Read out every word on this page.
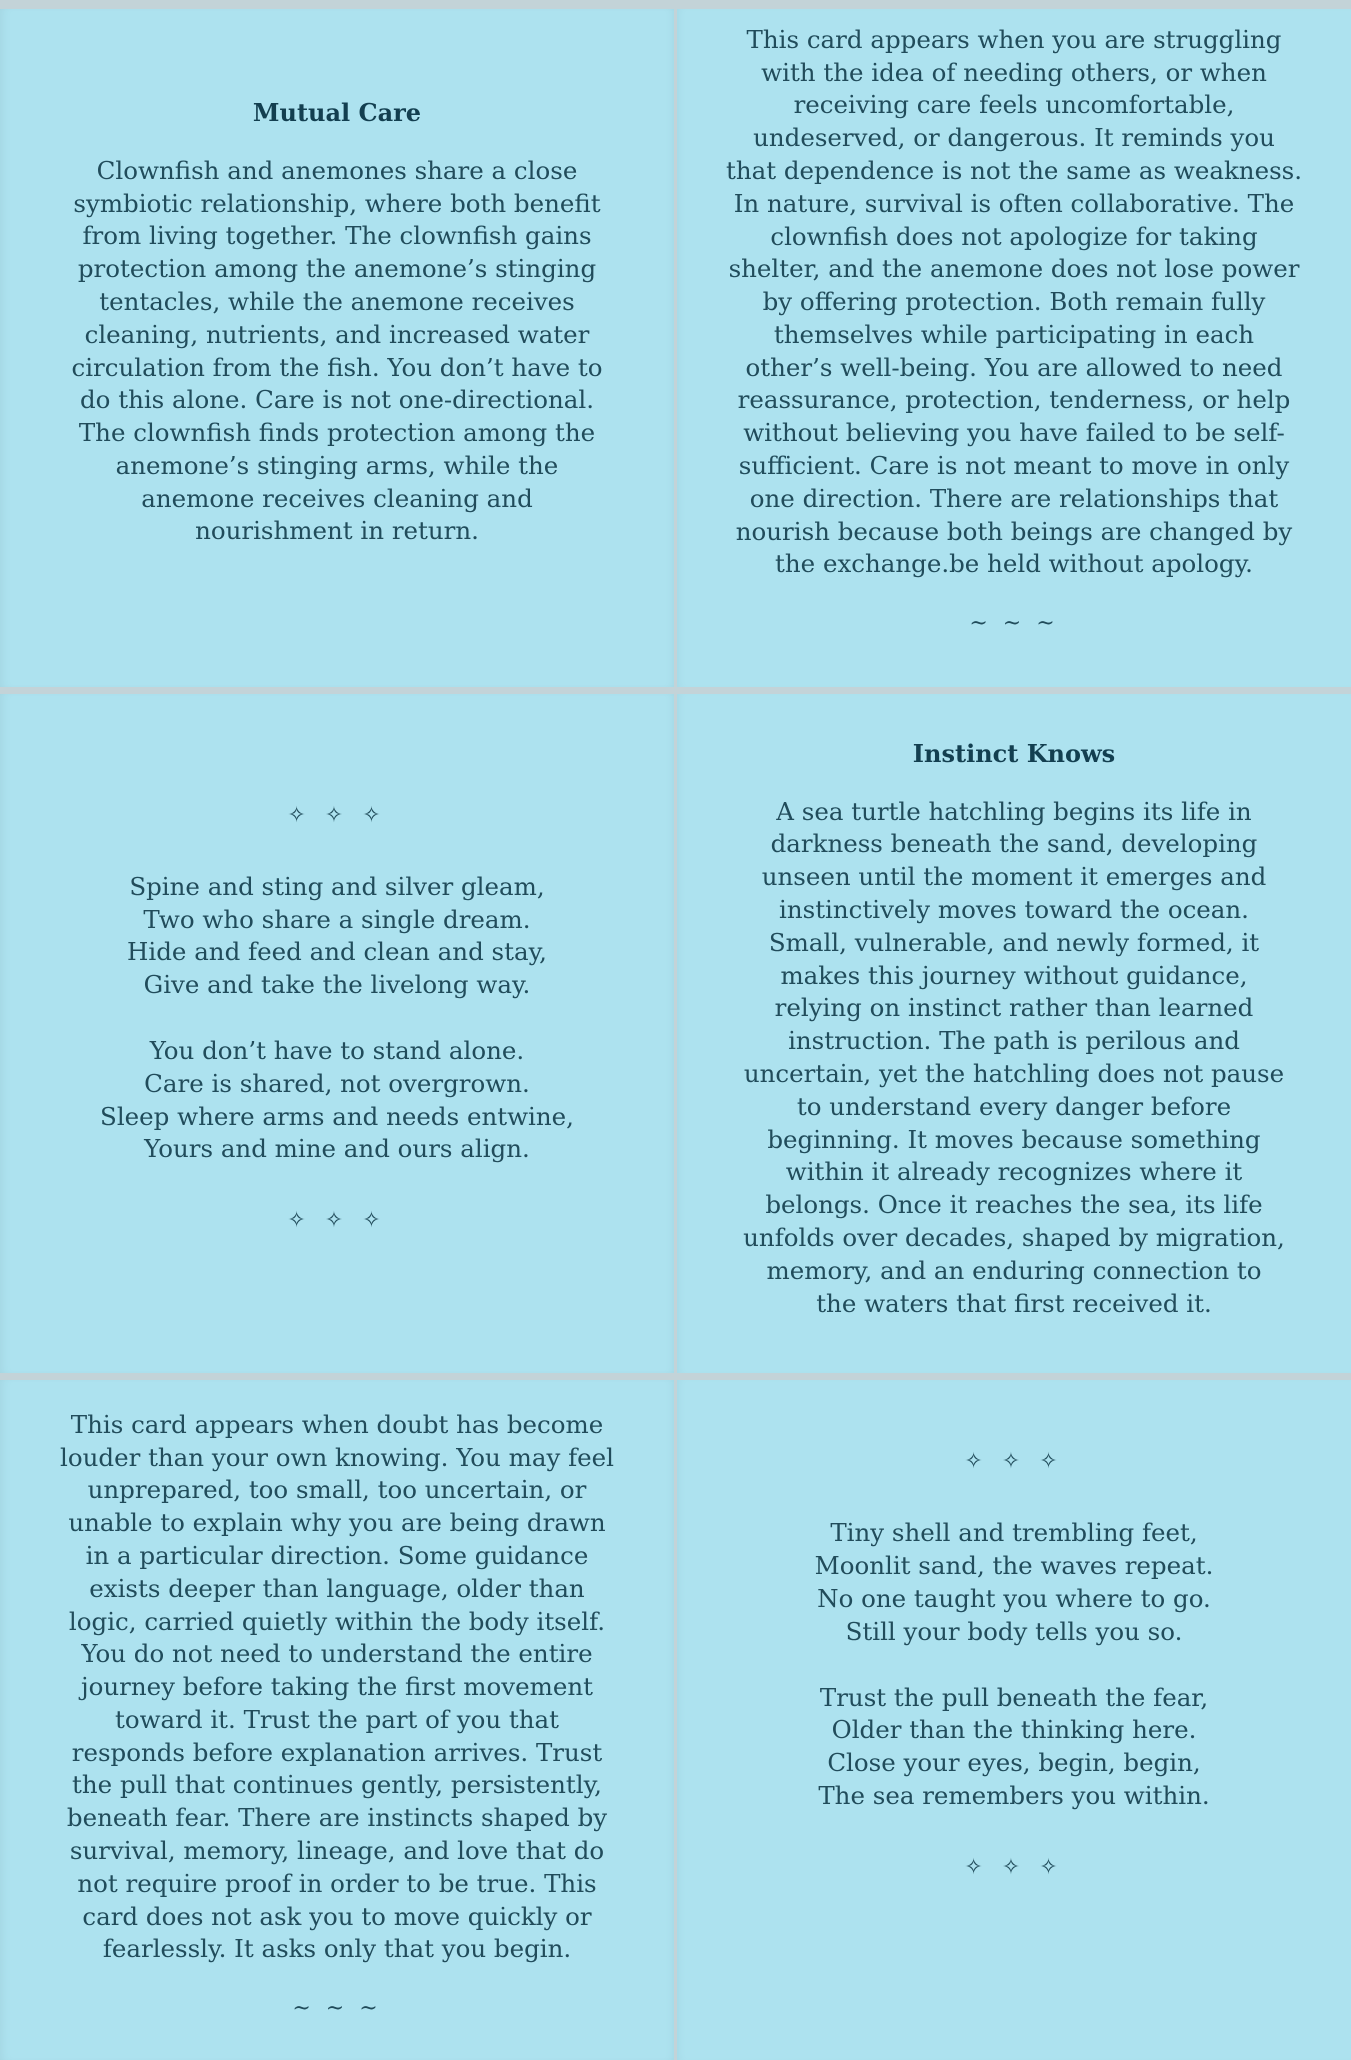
Mutual Care

Clownfish and anemones share a close
symbiotic relationship, where both benefit
from living together. The clownfish gains
protection among the anemone’s stinging
tentacles, while the anemone receives
cleaning, nutrients, and increased water
circulation from the fish. You don’t have to
do this alone. Care is not one-directional.
The clownfish finds protection among the
anemone’s stinging arms, while the
anemone receives cleaning and
nourishment in return.

This card appears when you are struggling
with the idea of needing others, or when
receiving care feels uncomfortable,
undeserved, or dangerous. It reminds you
that dependence is not the same as weakness.
In nature, survival is often collaborative. The
clownfish does not apologize for taking
shelter, and the anemone does not lose power
by offering protection. Both remain fully
themselves while participating in each
other’s well-being. You are allowed to need
reassurance, protection, tenderness, or help
without believing you have failed to be self-
sufficient. Care is not meant to move in only
one direction. There are relationships that
nourish because both beings are changed by
the exchange.be held without apology.

~ ~ ~
✧ ✧ ✧

Spine and sting and silver gleam,
Two who share a single dream.
Hide and feed and clean and stay,
Give and take the livelong way.

You don’t have to stand alone.
Care is shared, not overgrown.
Sleep where arms and needs entwine,
Yours and mine and ours align.

✧ ✧ ✧
Instinct Knows

A sea turtle hatchling begins its life in
darkness beneath the sand, developing
unseen until the moment it emerges and
instinctively moves toward the ocean.
Small, vulnerable, and newly formed, it
makes this journey without guidance,
relying on instinct rather than learned
instruction. The path is perilous and
uncertain, yet the hatchling does not pause
to understand every danger before
beginning. It moves because something
within it already recognizes where it
belongs. Once it reaches the sea, its life
unfolds over decades, shaped by migration,
memory, and an enduring connection to
the waters that first received it.

This card appears when doubt has become
louder than your own knowing. You may feel
unprepared, too small, too uncertain, or
unable to explain why you are being drawn
in a particular direction. Some guidance
exists deeper than language, older than
logic, carried quietly within the body itself.
You do not need to understand the entire
journey before taking the first movement
toward it. Trust the part of you that
responds before explanation arrives. Trust
the pull that continues gently, persistently,
beneath fear. There are instincts shaped by
survival, memory, lineage, and love that do
not require proof in order to be true. This
card does not ask you to move quickly or
fearlessly. It asks only that you begin.

~ ~ ~
✧ ✧ ✧

Tiny shell and trembling feet,
Moonlit sand, the waves repeat.
No one taught you where to go.
Still your body tells you so.

Trust the pull beneath the fear,
Older than the thinking here.
Close your eyes, begin, begin,
The sea remembers you within.

✧ ✧ ✧
